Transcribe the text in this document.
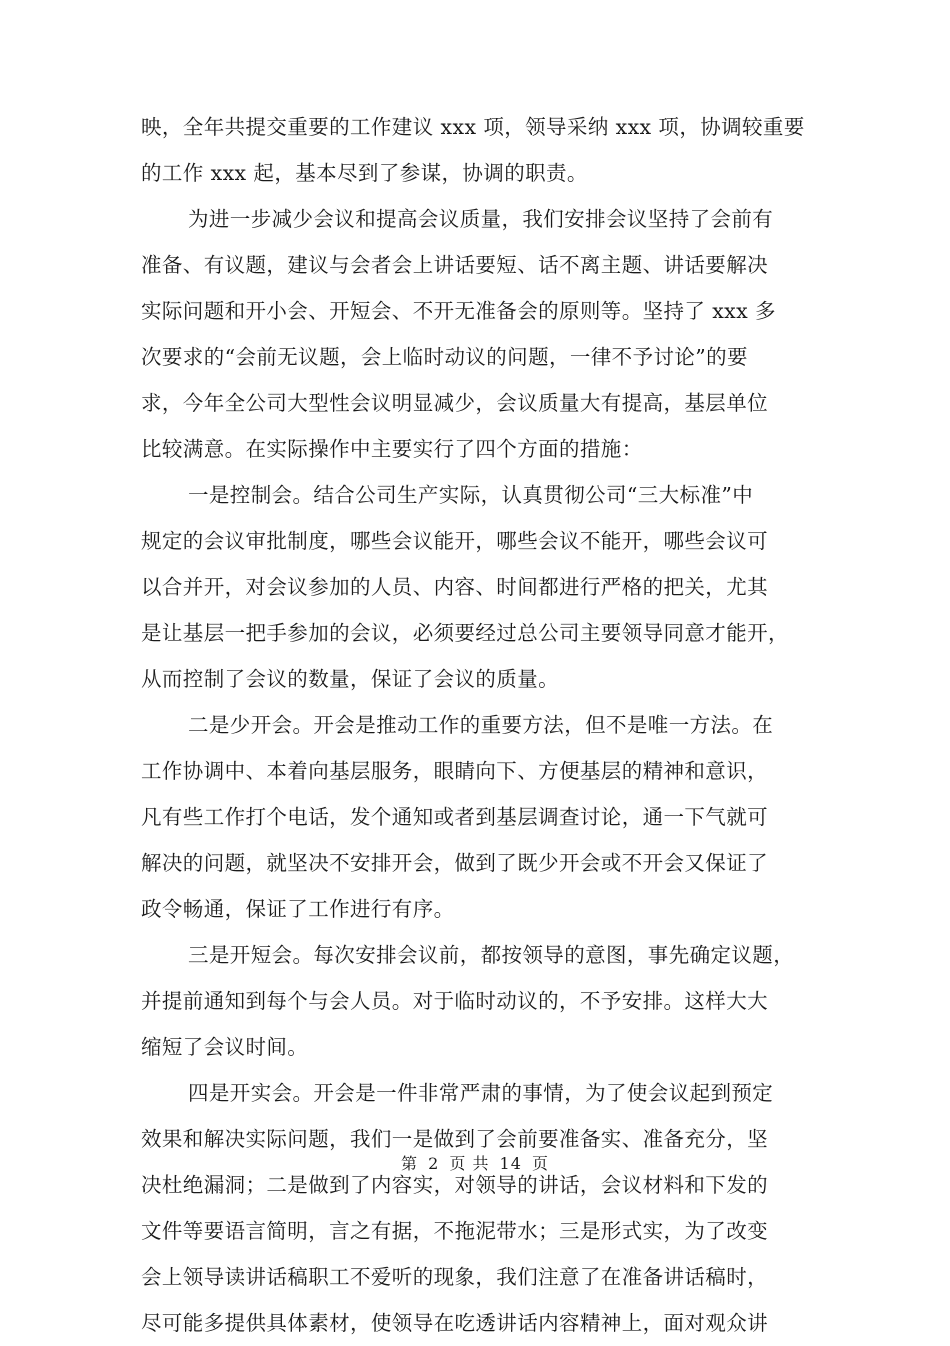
映，全年共提交重要的工作建议 xxx 项，领导采纳 xxx 项，协调较重要
的工作 xxx 起，基本尽到了参谋，协调的职责。
为进一步减少会议和提高会议质量，我们安排会议坚持了会前有
准备、有议题，建议与会者会上讲话要短、话不离主题、讲话要解决
实际问题和开小会、开短会、不开无准备会的原则等。坚持了 xxx 多
次要求的“会前无议题，会上临时动议的问题，一律不予讨论”的要
求，今年全公司大型性会议明显减少，会议质量大有提高，基层单位
比较满意。在实际操作中主要实行了四个方面的措施：
一是控制会。结合公司生产实际，认真贯彻公司“三大标准”中
规定的会议审批制度，哪些会议能开，哪些会议不能开，哪些会议可
以合并开，对会议参加的人员、内容、时间都进行严格的把关，尤其
是让基层一把手参加的会议，必须要经过总公司主要领导同意才能开，
从而控制了会议的数量，保证了会议的质量。
二是少开会。开会是推动工作的重要方法，但不是唯一方法。在
工作协调中、本着向基层服务，眼睛向下、方便基层的精神和意识，
凡有些工作打个电话，发个通知或者到基层调查讨论，通一下气就可
解决的问题，就坚决不安排开会，做到了既少开会或不开会又保证了
政令畅通，保证了工作进行有序。
三是开短会。每次安排会议前，都按领导的意图，事先确定议题，
并提前通知到每个与会人员。对于临时动议的，不予安排。这样大大
缩短了会议时间。
四是开实会。开会是一件非常严肃的事情，为了使会议起到预定
效果和解决实际问题，我们一是做到了会前要准备实、准备充分，坚
决杜绝漏洞；二是做到了内容实，对领导的讲话，会议材料和下发的
文件等要语言简明，言之有据，不拖泥带水；三是形式实，为了改变
会上领导读讲话稿职工不爱听的现象，我们注意了在准备讲话稿时，
尽可能多提供具体素材，使领导在吃透讲话内容精神上，面对观众讲
第 2 页 共 14 页
